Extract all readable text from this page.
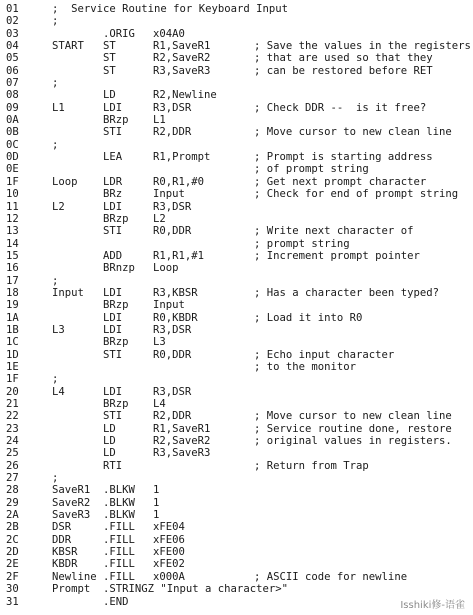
01	;  Service Routine for Keyboard Input
02	;
03	.ORIG x04A0
04	START ST	R1,SaveR1	; Save the values in the registers
05	ST	R2,SaveR2	; that are used so that they
06	ST	R3,SaveR3	; can be restored before RET
07	;
08	LD	R2,Newline
09	L1	LDI	R3,DSR	; Check DDR --  is it free?
0A	BRzp L1
0B	STI	R2,DDR	; Move cursor to new clean line
0C	;
0D	LEA	R1,Prompt	; Prompt is starting address
0E	; of prompt string
1F	Loop LDR	R0,R1,#0	; Get next prompt character
10	BRz	Input	; Check for end of prompt string
11	L2	LDI	R3,DSR
12	BRzp L2
13	STI	R0,DDR	; Write next character of
14	; prompt string
15	ADD	R1,R1,#1	; Increment prompt pointer
16	BRnzp Loop
17	;
18	Input LDI	R3,KBSR	; Has a character been typed?
19	BRzp Input
1A	LDI	R0,KBDR	; Load it into R0
1B	L3	LDI	R3,DSR
1C	BRzp L3
1D	STI	R0,DDR	; Echo input character
1E	; to the monitor
1F	;
20	L4	LDI	R3,DSR
21	BRzp L4
22	STI	R2,DDR	; Move cursor to new clean line
23	LD	R1,SaveR1	; Service routine done, restore
24	LD	R2,SaveR2	; original values in registers.
25	LD	R3,SaveR3
26	RTI	; Return from Trap
27	;
28	SaveR1 .BLKW 1
29	SaveR2 .BLKW 1
2A	SaveR3 .BLKW 1
2B	DSR	.FILL xFE04
2C	DDR	.FILL xFE06
2D	KBSR .FILL xFE00
2E	KBDR .FILL xFE02
2F	Newline .FILL x000A	; ASCII code for newline
30	Prompt .STRINGZ "Input a character>"
31	.END	Isshiki修-语雀
